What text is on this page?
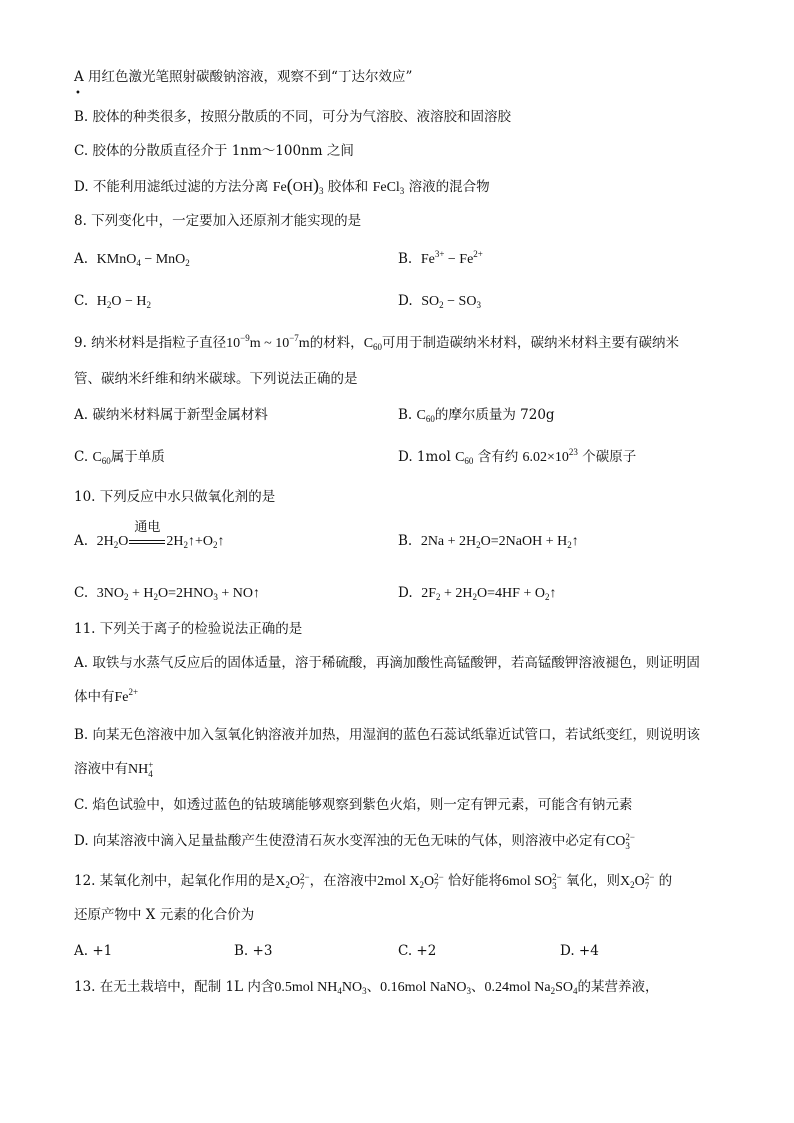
A 用红色激光笔照射碳酸钠溶液，观察不到“丁达尔效应”
•
B. 胶体的种类很多，按照分散质的不同，可分为气溶胶、液溶胶和固溶胶
C. 胶体的分散质直径介于 1nm～100nm 之间
D. 不能利用滤纸过滤的方法分离 $Fe(OH)_3$ 胶体和 FeCl$_3$ 溶液的混合物
8. 下列变化中，一定要加入还原剂才能实现的是
A. KMnO$_4$ − MnO$_2$	B. $Fe^{3+} - Fe^{2+}$
C. $H_2O - H_2$	D. $SO_2 - SO_3$
9. 纳米材料是指粒子直径$10^{-9}m$ ~ $10^{-7}m$的材料，$C_{60}$可用于制造碳纳米材料，碳纳米材料主要有碳纳米
管、碳纳米纤维和纳米碳球。下列说法正确的是
A. 碳纳米材料属于新型金属材料	B. $C_{60}$的摩尔质量为 720g
C. $C_{60}$属于单质	D. 1mol $C_{60}$ 含有约 $6.02\times 10^{23}$ 个碳原子
10. 下列反应中水只做氧化剂的是
A. $2H_2O$
通电
$2H_2↑+O_2↑$	B. $2Na + 2H_2O=2NaOH$ + $H_2↑$
C. $3NO_2 + H_2O=2HNO_3$ + NO↑	D. $2F_2 + 2H_2O=4HF$ + $O_2↑$
11. 下列关于离子的检验说法正确的是
A. 取铁与水蒸气反应后的固体适量，溶于稀硫酸，再滴加酸性高锰酸钾，若高锰酸钾溶液褪色，则证明固
体中有$Fe^{2+}$
B. 向某无色溶液中加入氢氧化钠溶液并加热，用湿润的蓝色石蕊试纸靠近试管口，若试纸变红，则说明该
溶液中有NH +
4
C. 焰色试验中，如透过蓝色的钴玻璃能够观察到紫色火焰，则一定有钾元素，可能含有钠元素
D. 向某溶液中滴入足量盐酸产生使澄清石灰水变浑浊的无色无味的气体，则溶液中必定有CO 2−
3
12. 某氧化剂中，起氧化作用的是$X_2O$ 2−
7 ，在溶液中2mol $X_2O$ 2−
7 恰好能将6mol SO 2−
3 氧化，则$X_2O$ 2−
7 的
还原产物中 X 元素的化合价为
A. +1	B. +3	C. +2	D. +4
13. 在无土栽培中，配制 1L 内含0.5mol $NH_4NO_3$、0.16mol NaNO$_3$、0.24mol $Na_2SO_4$的某营养液，
